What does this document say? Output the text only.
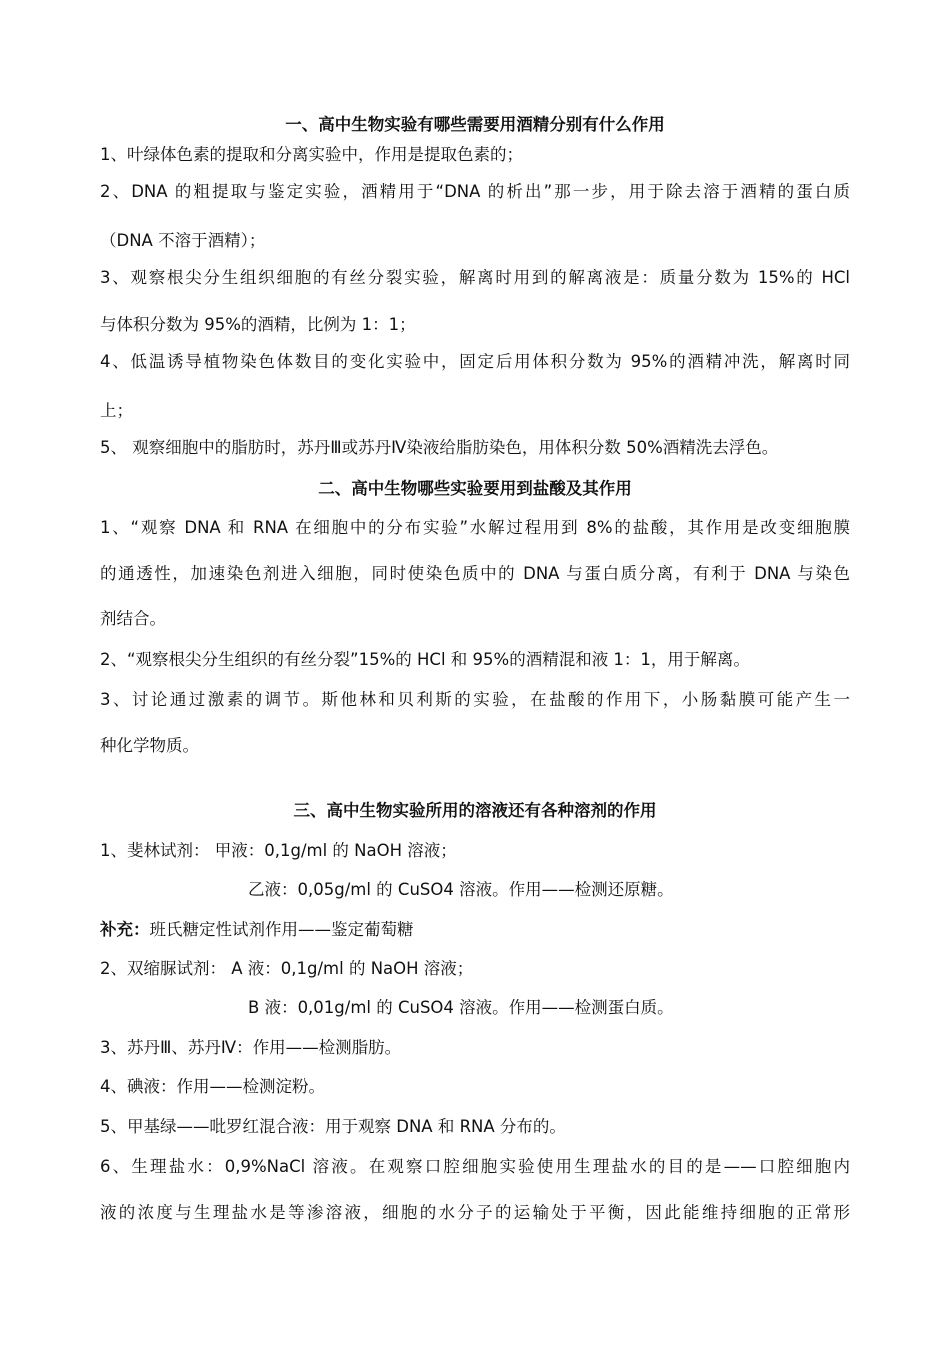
一、高中生物实验有哪些需要用酒精分别有什么作用
1、叶绿体色素的提取和分离实验中，作用是提取色素的；
2、DNA 的粗提取与鉴定实验，酒精用于“DNA 的析出”那一步，用于除去溶于酒精的蛋白质
（DNA 不溶于酒精）；
3、观察根尖分生组织细胞的有丝分裂实验，解离时用到的解离液是：质量分数为 15%的 HCl
与体积分数为 95%的酒精，比例为 1：1；
4、低温诱导植物染色体数目的变化实验中，固定后用体积分数为 95%的酒精冲洗，解离时同
上；
5、 观察细胞中的脂肪时，苏丹Ⅲ或苏丹Ⅳ染液给脂肪染色，用体积分数 50%酒精洗去浮色。
二、高中生物哪些实验要用到盐酸及其作用
1、“观察 DNA 和 RNA 在细胞中的分布实验”水解过程用到 8%的盐酸，其作用是改变细胞膜
的通透性，加速染色剂进入细胞，同时使染色质中的 DNA 与蛋白质分离，有利于 DNA 与染色
剂结合。
2、“观察根尖分生组织的有丝分裂”15%的 HCl 和 95%的酒精混和液 1：1，用于解离。
3、讨论通过激素的调节。斯他林和贝利斯的实验，在盐酸的作用下，小肠黏膜可能产生一
种化学物质。
三、高中生物实验所用的溶液还有各种溶剂的作用
1、斐林试剂： 甲液：0,1g/ml 的 NaOH 溶液；
乙液：0,05g/ml 的 CuSO4 溶液。作用——检测还原糖。
补充：班氏糖定性试剂作用——鉴定葡萄糖
2、双缩脲试剂： A 液：0,1g/ml 的 NaOH 溶液；
B 液：0,01g/ml 的 CuSO4 溶液。作用——检测蛋白质。
3、苏丹Ⅲ、苏丹Ⅳ：作用——检测脂肪。
4、碘液：作用——检测淀粉。
5、甲基绿——吡罗红混合液：用于观察 DNA 和 RNA 分布的。
6、生理盐水：0,9%NaCl 溶液。在观察口腔细胞实验使用生理盐水的目的是——口腔细胞内
液的浓度与生理盐水是等渗溶液，细胞的水分子的运输处于平衡，因此能维持细胞的正常形
